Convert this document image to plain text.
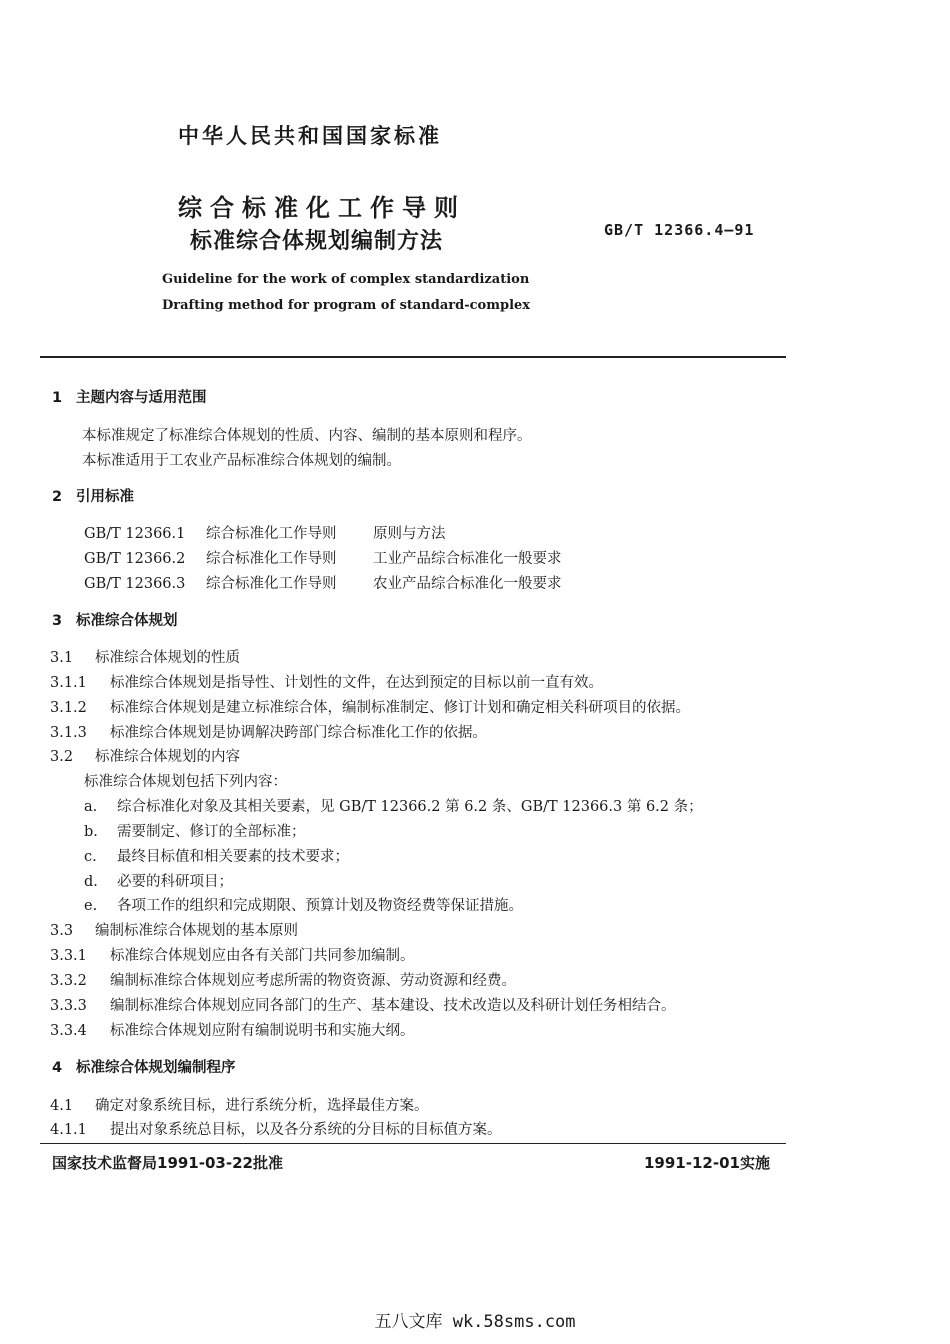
中华人民共和国国家标准
综合标准化工作导则
标准综合体规划编制方法	GB/T 12366.4—91
Guideline for the work of complex standardization
Drafting method for program of standard-complex
1 主题内容与适用范围
本标准规定了标准综合体规划的性质、内容、编制的基本原则和程序。
本标准适用于工农业产品标准综合体规划的编制。
2 引用标准
GB/T 12366.1 综合标准化工作导则	原则与方法
GB/T 12366.2 综合标准化工作导则	工业产品综合标准化一般要求
GB/T 12366.3 综合标准化工作导则	农业产品综合标准化一般要求
3 标准综合体规划
3.1 标准综合体规划的性质
3.1.1 标准综合体规划是指导性、计划性的文件，在达到预定的目标以前一直有效。
3.1.2 标准综合体规划是建立标准综合体，编制标准制定、修订计划和确定相关科研项目的依据。
3.1.3 标准综合体规划是协调解决跨部门综合标准化工作的依据。
3.2 标准综合体规划的内容
标准综合体规划包括下列内容：
a. 综合标准化对象及其相关要素，见 GB/T 12366.2 第 6.2 条、GB/T 12366.3 第 6.2 条；
b. 需要制定、修订的全部标准；
c. 最终目标值和相关要素的技术要求；
d. 必要的科研项目；
e. 各项工作的组织和完成期限、预算计划及物资经费等保证措施。
3.3 编制标准综合体规划的基本原则
3.3.1 标准综合体规划应由各有关部门共同参加编制。
3.3.2 编制标准综合体规划应考虑所需的物资资源、劳动资源和经费。
3.3.3 编制标准综合体规划应同各部门的生产、基本建设、技术改造以及科研计划任务相结合。
3.3.4 标准综合体规划应附有编制说明书和实施大纲。
4 标准综合体规划编制程序
4.1 确定对象系统目标，进行系统分析，选择最佳方案。
4.1.1 提出对象系统总目标，以及各分系统的分目标的目标值方案。
国家技术监督局1991-03-22批准	1991-12-01实施
五八文库 wk.58sms.com
